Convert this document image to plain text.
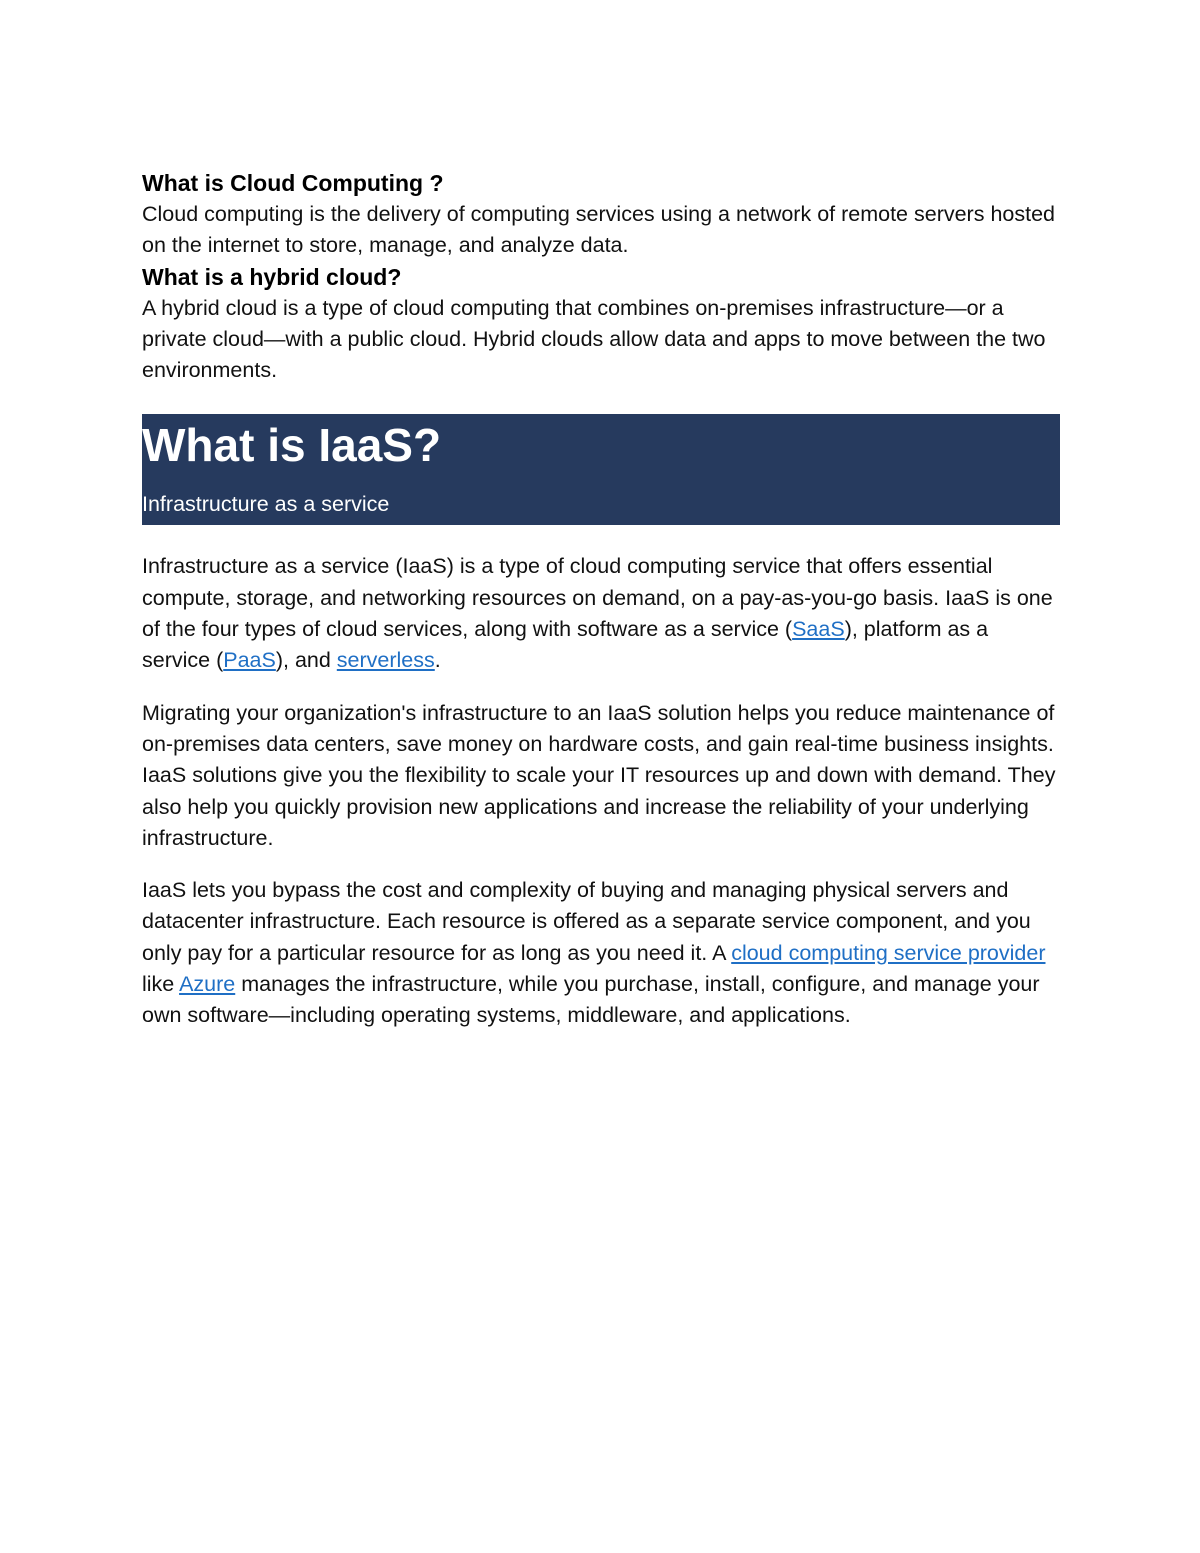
What is Cloud Computing ?

Cloud computing is the delivery of computing services using a network of remote servers hosted on the internet to store, manage, and analyze data.

What is a hybrid cloud?

A hybrid cloud is a type of cloud computing that combines on-premises infrastructure—or a private cloud—with a public cloud. Hybrid clouds allow data and apps to move between the two environments.

What is IaaS?

Infrastructure as a service

Infrastructure as a service (IaaS) is a type of cloud computing service that offers essential compute, storage, and networking resources on demand, on a pay-as-you-go basis. IaaS is one of the four types of cloud services, along with software as a service (SaaS), platform as a service (PaaS), and serverless.

Migrating your organization's infrastructure to an IaaS solution helps you reduce maintenance of on-premises data centers, save money on hardware costs, and gain real-time business insights. IaaS solutions give you the flexibility to scale your IT resources up and down with demand. They also help you quickly provision new applications and increase the reliability of your underlying infrastructure.

IaaS lets you bypass the cost and complexity of buying and managing physical servers and datacenter infrastructure. Each resource is offered as a separate service component, and you only pay for a particular resource for as long as you need it. A cloud computing service provider like Azure manages the infrastructure, while you purchase, install, configure, and manage your own software—including operating systems, middleware, and applications.
